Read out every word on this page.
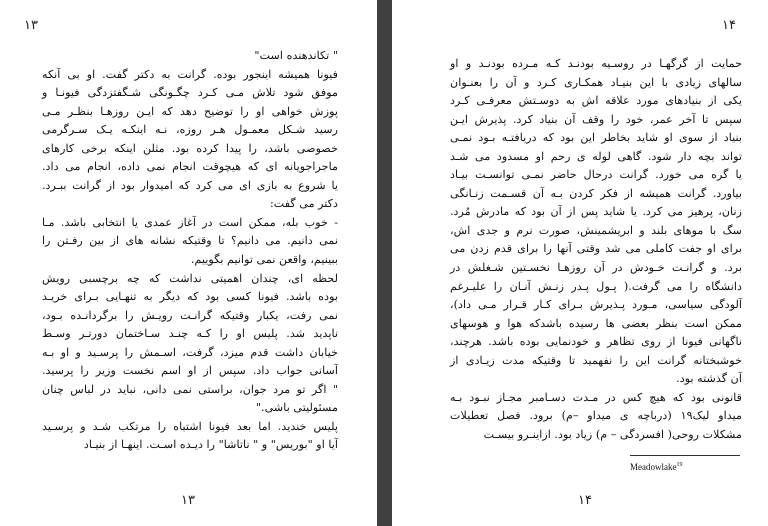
۱۳
" تکاندهنده است"
فیونا همیشه اینجور بوده. گرانت به دکتر گفت. او بی آنکه
موفق شود تلاش مـی کـرد چگـونگی شـگفتزدگی فیونـا و
پوزش خواهی او را توضیح دهد که ایـن روزهـا بنظـر مـی
رسید شـکل معمـول هـر روزه، نـه اینکـه یـک سـرگرمی
خصوصی باشد، را پیدا کرده بود. مثلن اینکه برخی کارهای
ماجراجویانه ای که هیچوقت انجام نمی داده، انجام می داد.
یا شروع به بازی ای می کرد که امیدوار بود از گرانت ببـرد.
دکتر می گفت:
- خوب بله، ممکن است در آغاز عمدی یا انتخابی باشد. مـا
نمی دانیم. می دانیم؟ تا وقتیکه نشانه های از بین رفـتن را
ببینیم، واقعن نمی توانیم بگوییم.
لحظه ای، چندان اهمیتی نداشت که چه برچسبی رویش
بوده باشد. فیونا کسی بود که دیگر به تنهـایی بـرای خریـد
نمی رفت، یکبار وقتیکه گرانـت رویـش را برگردانـده بـود،
ناپدید شد. پلیس او را کـه چنـد سـاختمان دورتـر وسـط
خیابان داشت قدم میزد، گرفت، اسـمش را پرسـید و او بـه
آسانی جواب داد. سپس از او اسم نخست وزیر را پرسید.
" اگر تو مرد جوان، براستی نمی دانی، نباید در لباس چنان
مسئولیتی باشی."
پلیس خندید. اما بعد فیونا اشتباه را مرتکب شـد و پرسـید
آیا او "بوریس" و " ناتاشا" را دیـده اسـت. اینهـا از بنیـاد
۱۳
۱۴
حمایت از گرگهـا در روسـیه بودنـد کـه مـرده بودنـد و او
سالهای زیادی با این بنیـاد همکـاری کـرد و آن را بعنـوان
یکی از بنیادهای مورد علاقه اش به دوسـتش معرفـی کـرد
سپس تا آخر عمر، خود را وقف آن بنیاد کرد. پذیرش ایـن
بنیاد از سوی او شاید بخاطر این بود که دریافتـه بـود نمـی
تواند بچه دار شود. گاهی لوله ی رحم او مسدود می شـد
یا گره می خورد. گرانت درحال حاضر نمـی توانسـت بیـاد
بیاورد. گرانت همیشه از فکر کردن بـه آن قسـمت زنـانگی
زنان، پرهیز می کرد. یا شاید پس از آن بود که مادرش مُرد.
سگ با موهای بلند و ابریشمینش، صورت نرم و جدی اش،
برای او جفت کاملی می شد وقتی آنها را برای قدم زدن می
برد. و گرانـت خـودش در آن روزهـا نخسـتین شـغلش در
دانشگاه را می گرفت.( پـول پـدر زنـش آنـان را علیـرغم
آلودگی سیاسی، مـورد پـذیرش بـرای کـار قـرار مـی داد)،
ممکن است بنظر بعضی ها رسیده باشدکه هوا و هوسهای
ناگهانی فیونا از روی تظاهر و خودنمایی بوده باشد. هرچند،
خوشبختانه گرانت این را نفهمید تا وقتیکه مدت زیـادی از
آن گذشته بود.
قانونی بود که هیچ کس در مـدت دسـامبر مجـاز نبـود بـه
میداو لیک۱۹ (درباچه ی میداو –م) برود. فصل تعطیلات
مشکلات روحی( افسردگی – م) زیاد بود. ازاینـرو بیسـت
Meadowlake$^{19}$
۱۴
